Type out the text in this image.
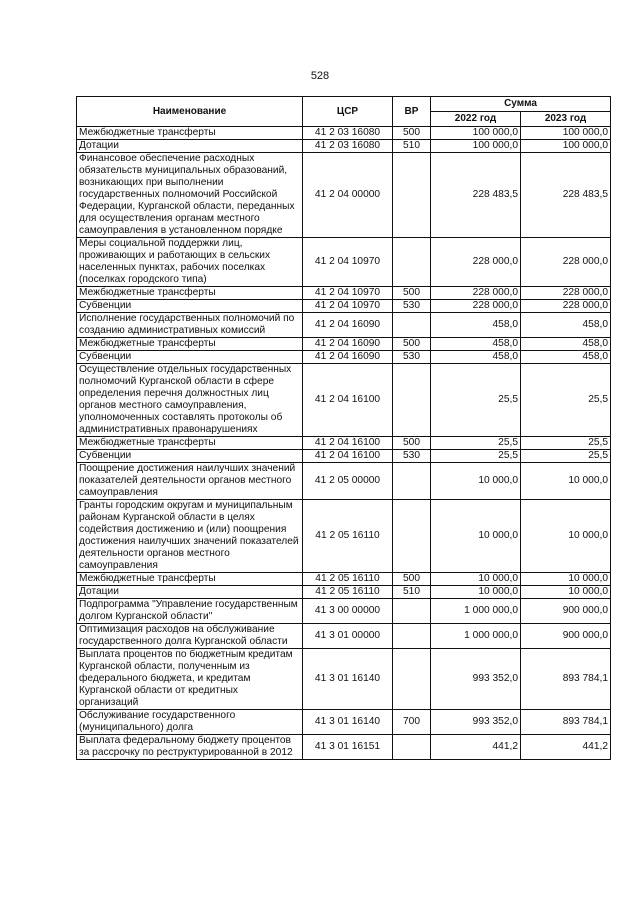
528
Наименование	ЦСР	ВР	Сумма	
			2022 год	2023 год
Межбюджетные трансферты	41 2 03 16080	500	100 000,0	100 000,0
Дотации	41 2 03 16080	510	100 000,0	100 000,0
Финансовое обеспечение расходных обязательств муниципальных образований, возникающих при выполнении государственных полномочий Российской Федерации, Курганской области, переданных для осуществления органам местного самоуправления в установленном порядке	41 2 04 00000		228 483,5	228 483,5
Меры социальной поддержки лиц, проживающих и работающих в сельских населенных пунктах, рабочих поселках (поселках городского типа)	41 2 04 10970		228 000,0	228 000,0
Межбюджетные трансферты	41 2 04 10970	500	228 000,0	228 000,0
Субвенции	41 2 04 10970	530	228 000,0	228 000,0
Исполнение государственных полномочий по созданию административных комиссий	41 2 04 16090		458,0	458,0
Межбюджетные трансферты	41 2 04 16090	500	458,0	458,0
Субвенции	41 2 04 16090	530	458,0	458,0
Осуществление отдельных государственных полномочий Курганской области в сфере определения перечня должностных лиц органов местного самоуправления, уполномоченных составлять протоколы об административных правонарушениях	41 2 04 16100		25,5	25,5
Межбюджетные трансферты	41 2 04 16100	500	25,5	25,5
Субвенции	41 2 04 16100	530	25,5	25,5
Поощрение достижения наилучших значений показателей деятельности органов местного самоуправления	41 2 05 00000		10 000,0	10 000,0
Гранты городским округам и муниципальным районам Курганской области в целях содействия достижению и (или) поощрения достижения наилучших значений показателей деятельности органов местного самоуправления	41 2 05 16110		10 000,0	10 000,0
Межбюджетные трансферты	41 2 05 16110	500	10 000,0	10 000,0
Дотации	41 2 05 16110	510	10 000,0	10 000,0
Подпрограмма "Управление государственным долгом Курганской области"	41 3 00 00000		1 000 000,0	900 000,0
Оптимизация расходов на обслуживание государственного долга Курганской области	41 3 01 00000		1 000 000,0	900 000,0
Выплата процентов по бюджетным кредитам Курганской области, полученным из федерального бюджета, и кредитам Курганской области от кредитных организаций	41 3 01 16140		993 352,0	893 784,1
Обслуживание государственного (муниципального) долга	41 3 01 16140	700	993 352,0	893 784,1
Выплата федеральному бюджету процентов за рассрочку по реструктурированной в 2012	41 3 01 16151		441,2	441,2
